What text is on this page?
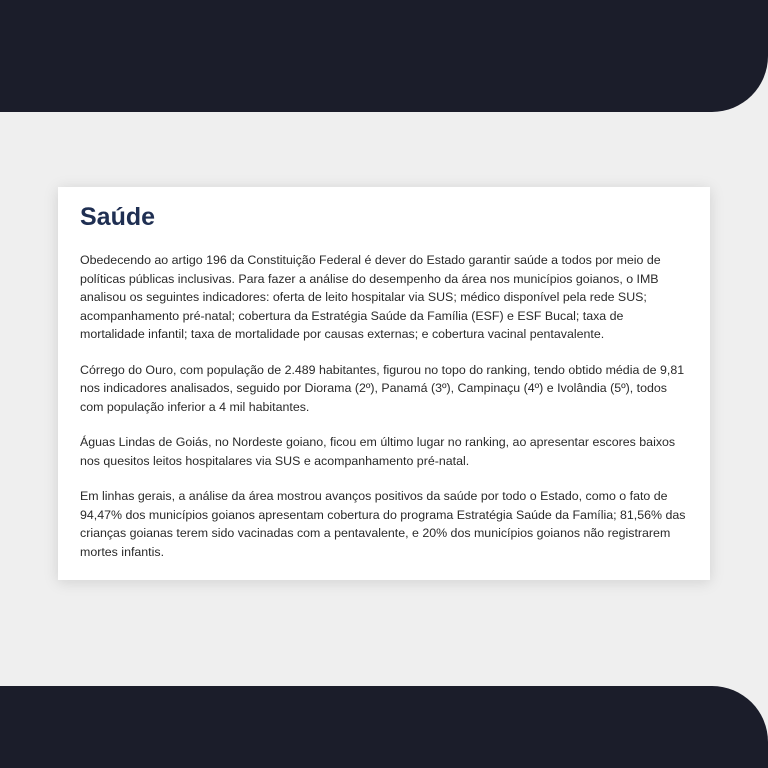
Saúde

Obedecendo ao artigo 196 da Constituição Federal é dever do Estado garantir saúde a todos por meio de políticas públicas inclusivas. Para fazer a análise do desempenho da área nos municípios goianos, o IMB analisou os seguintes indicadores: oferta de leito hospitalar via SUS; médico disponível pela rede SUS; acompanhamento pré-natal; cobertura da Estratégia Saúde da Família (ESF) e ESF Bucal; taxa de mortalidade infantil; taxa de mortalidade por causas externas; e cobertura vacinal pentavalente.

Córrego do Ouro, com população de 2.489 habitantes, figurou no topo do ranking, tendo obtido média de 9,81 nos indicadores analisados, seguido por Diorama (2º), Panamá (3º), Campinaçu (4º) e Ivolândia (5º), todos com população inferior a 4 mil habitantes.

Águas Lindas de Goiás, no Nordeste goiano, ficou em último lugar no ranking, ao apresentar escores baixos nos quesitos leitos hospitalares via SUS e acompanhamento pré-natal.

Em linhas gerais, a análise da área mostrou avanços positivos da saúde por todo o Estado, como o fato de 94,47% dos municípios goianos apresentam cobertura do programa Estratégia Saúde da Família; 81,56% das crianças goianas terem sido vacinadas com a pentavalente, e 20% dos municípios goianos não registrarem mortes infantis.
